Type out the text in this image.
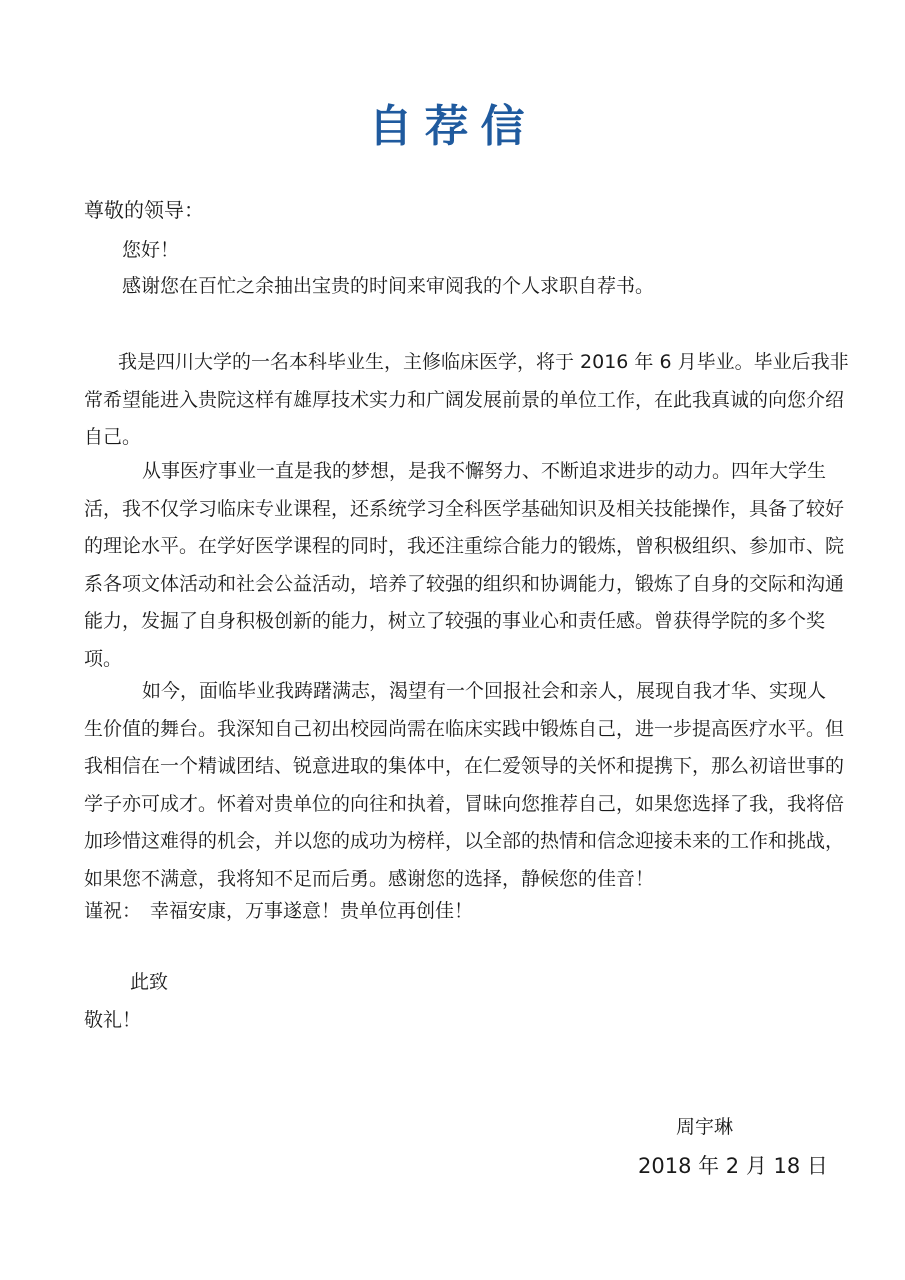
自荐信
尊敬的领导：
您好！
感谢您在百忙之余抽出宝贵的时间来审阅我的个人求职自荐书。
我是四川大学的一名本科毕业生，主修临床医学，将于 2016 年 6 月毕业。毕业后我非
常希望能进入贵院这样有雄厚技术实力和广阔发展前景的单位工作，在此我真诚的向您介绍
自己。
从事医疗事业一直是我的梦想，是我不懈努力、不断追求进步的动力。四年大学生
活，我不仅学习临床专业课程，还系统学习全科医学基础知识及相关技能操作，具备了较好
的理论水平。在学好医学课程的同时，我还注重综合能力的锻炼，曾积极组织、参加市、院
系各项文体活动和社会公益活动，培养了较强的组织和协调能力，锻炼了自身的交际和沟通
能力，发掘了自身积极创新的能力，树立了较强的事业心和责任感。曾获得学院的多个奖
项。
如今，面临毕业我踌躇满志，渴望有一个回报社会和亲人，展现自我才华、实现人
生价值的舞台。我深知自己初出校园尚需在临床实践中锻炼自己，进一步提高医疗水平。但
我相信在一个精诚团结、锐意进取的集体中，在仁爱领导的关怀和提携下，那么初谙世事的
学子亦可成才。怀着对贵单位的向往和执着，冒昧向您推荐自己，如果您选择了我，我将倍
加珍惜这难得的机会，并以您的成功为榜样，以全部的热情和信念迎接未来的工作和挑战，
如果您不满意，我将知不足而后勇。感谢您的选择，静候您的佳音！
谨祝： 幸福安康，万事遂意！贵单位再创佳！
此致
敬礼！
周宇琳
2018 年 2 月 18 日
